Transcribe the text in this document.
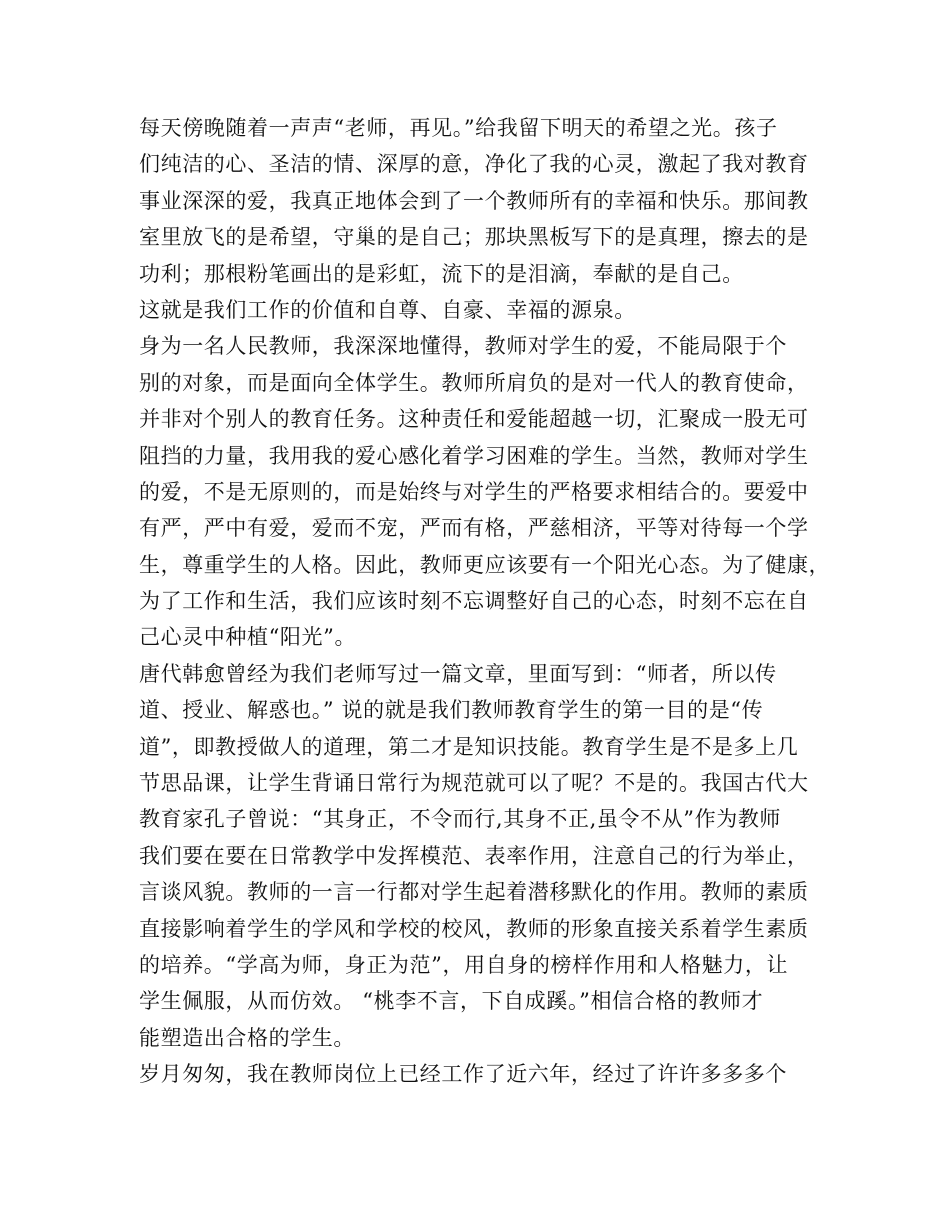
每天傍晚随着一声声“老师，再见。”给我留下明天的希望之光。孩子
们纯洁的心、圣洁的情、深厚的意，净化了我的心灵，激起了我对教育
事业深深的爱，我真正地体会到了一个教师所有的幸福和快乐。那间教
室里放飞的是希望，守巢的是自己；那块黑板写下的是真理，擦去的是
功利；那根粉笔画出的是彩虹，流下的是泪滴，奉献的是自己。
这就是我们工作的价值和自尊、自豪、幸福的源泉。
身为一名人民教师，我深深地懂得，教师对学生的爱，不能局限于个
别的对象，而是面向全体学生。教师所肩负的是对一代人的教育使命，
并非对个别人的教育任务。这种责任和爱能超越一切，汇聚成一股无可
阻挡的力量，我用我的爱心感化着学习困难的学生。当然，教师对学生
的爱，不是无原则的，而是始终与对学生的严格要求相结合的。要爱中
有严，严中有爱，爱而不宠，严而有格，严慈相济，平等对待每一个学
生，尊重学生的人格。因此，教师更应该要有一个阳光心态。为了健康，
为了工作和生活，我们应该时刻不忘调整好自己的心态，时刻不忘在自
己心灵中种植“阳光”。
唐代韩愈曾经为我们老师写过一篇文章，里面写到：“师者，所以传
道、授业、解惑也。” 说的就是我们教师教育学生的第一目的是“传
道”，即教授做人的道理，第二才是知识技能。教育学生是不是多上几
节思品课，让学生背诵日常行为规范就可以了呢？不是的。我国古代大
教育家孔子曾说：“其身正，不令而行,其身不正,虽令不从”作为教师
我们要在要在日常教学中发挥模范、表率作用，注意自己的行为举止，
言谈风貌。教师的一言一行都对学生起着潜移默化的作用。教师的素质
直接影响着学生的学风和学校的校风，教师的形象直接关系着学生素质
的培养。“学高为师，身正为范”，用自身的榜样作用和人格魅力，让
学生佩服，从而仿效。 “桃李不言，下自成蹊。”相信合格的教师才
能塑造出合格的学生。
岁月匆匆，我在教师岗位上已经工作了近六年，经过了许许多多多个
